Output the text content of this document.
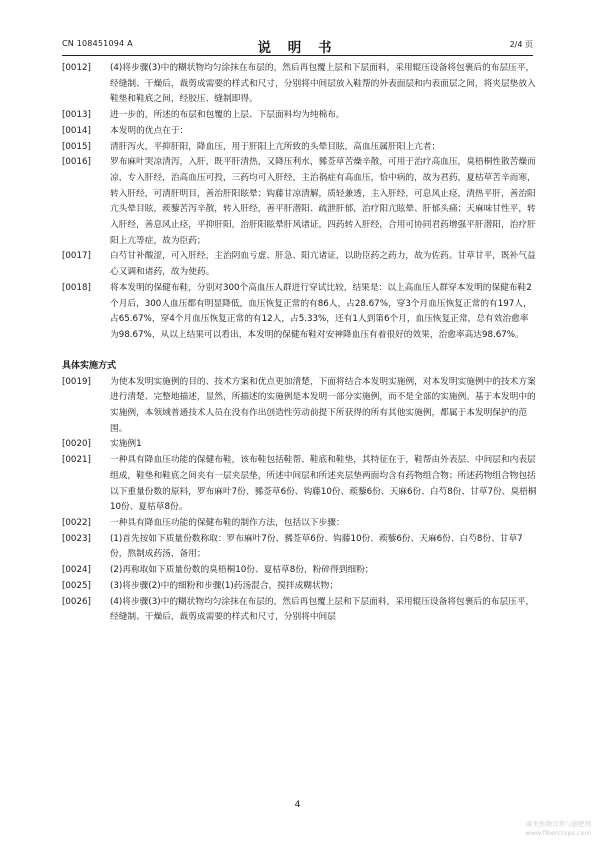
CN 108451094 A	说 明 书	2/4 页
[0012] (4)将步骤(3)中的糊状物均匀涂抹在布层的，然后再包覆上层和下层面料，采用辊压设备将包裹后的布层压平，经缝制、干燥后，裁剪成需要的样式和尺寸，分别将中间层放入鞋帮的外表面层和内表面层之间，将夹层垫放入鞋垫和鞋底之间，经胶压、缝制即得。
[0013] 进一步的，所述的布层和包覆的上层、下层面料均为纯棉布。
[0014] 本发明的优点在于：
[0015] 清肝泻火，平抑肝阳，降血压，用于肝阳上亢所致的头晕目眩，高血压属肝阳上亢者；
[0016] 罗布麻叶哭凉清泻，入肝，既平肝清热，又降压利水，豨莶草苦燥辛散，可用于治疗高血压，臭梧桐性散苦燥而凉，专入肝经，治高血压可投，三药均可入肝经，主治祸症有高血压，恰中病的，故为君药，夏枯草苦辛而寒，转入肝经，可清肝明目，善治肝阳眩晕；钩藤甘凉清解，质轻兼透，主入肝经，可息风止痉，清热平肝，善治阳亢头晕目眩，蒺藜苦泻辛散，转入肝经，善平肝潜阳、疏泄肝郁，治疗阳亢眩晕、肝郁头痛；天麻味甘性平，转入肝经，善息风止痉，平抑肝阳，治肝阳眩晕肝风诸证，四药转入肝经，合用可协同君药增强平肝潜阳，治疗肝阳上亢等症，故为臣药；
[0017] 白芍甘补酸涩，可入肝经，主治阴血亏虚、肝急、阳亢诸证，以助臣药之药力，故为佐药。甘草甘平，既补气益心又调和诸药，故为使药。
[0018] 将本发明的保健布鞋，分别对300个高血压人群进行穿试比较，结果是：以上高血压人群穿本发明的保健布鞋2个月后，300人血压都有明显降低，血压恢复正常的有86人，占28.67%，穿3个月血压恢复正常的有197人，占65.67%，穿4个月血压恢复正常的有12人，占5.33%，还有1人到第6个月，血压恢复正常，总有效治愈率为98.67%，从以上结果可以看出，本发明的保健布鞋对安神降血压有着很好的效果，治愈率高达98.67%。
具体实施方式
[0019] 为使本发明实施例的目的、技术方案和优点更加清楚，下面将结合本发明实施例，对本发明实施例中的技术方案进行清楚、完整地描述，显然，所描述的实施例是本发明一部分实施例，而不是全部的实施例。基于本发明中的实施例，本领域普通技术人员在没有作出创造性劳动前提下所获得的所有其他实施例，都属于本发明保护的范围。
[0020] 实施例1
[0021] 一种具有降血压功能的保健布鞋，该布鞋包括鞋帮、鞋底和鞋垫，其特征在于，鞋帮由外表层、中间层和内表层组成，鞋垫和鞋底之间夹有一层夹层垫，所述中间层和所述夹层垫两面均含有药物组合物；所述药物组合物包括以下重量份数的原料，罗布麻叶7份、豨莶草6份、钩藤10份、蒺藜6份、天麻6份、白芍8份、甘草7份、臭梧桐10份、夏枯草8份。
[0022] 一种具有降血压功能的保健布鞋的制作方法，包括以下步骤：
[0023] (1)首先按如下质量份数称取：罗布麻叶7份、豨莶草6份、钩藤10份、蒺藜6份、天麻6份、白芍8份、甘草7份，熬制成药汤，备用；
[0024] (2)再称取如下质量份数的臭梧桐10份、夏枯草8份，粉碎得到细粉；
[0025] (3)将步骤(2)中的细粉和步骤(1)药汤混合，搅拌成糊状物；
[0026] (4)将步骤(3)中的糊状物均匀涂抹在布层的，然后再包覆上层和下层面料，采用辊压设备将包裹后的布层压平，经缝制、干燥后，裁剪成需要的样式和尺寸，分别将中间层
4
麻类作物营养与施肥网
www.fibercrops.com
